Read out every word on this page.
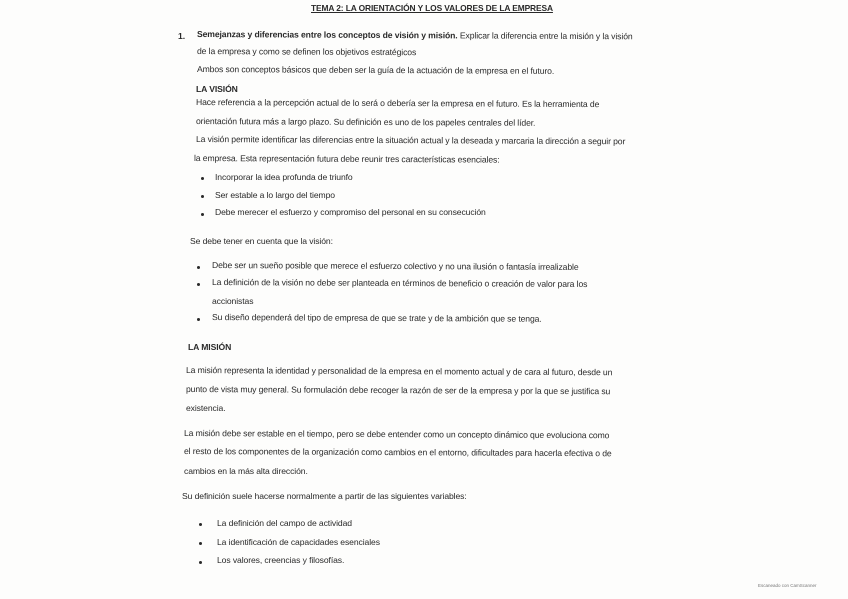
TEMA 2: LA ORIENTACIÓN Y LOS VALORES DE LA EMPRESA
1. Semejanzas y diferencias entre los conceptos de visión y misión. Explicar la diferencia entre la misión y la visión
de la empresa y como se definen los objetivos estratégicos
Ambos son conceptos básicos que deben ser la guía de la actuación de la empresa en el futuro.
LA VISIÓN
Hace referencia a la percepción actual de lo será o debería ser la empresa en el futuro. Es la herramienta de
orientación futura más a largo plazo. Su definición es uno de los papeles centrales del líder.
La visión permite identificar las diferencias entre la situación actual y la deseada y marcaria la dirección a seguir por
la empresa. Esta representación futura debe reunir tres características esenciales:
Incorporar la idea profunda de triunfo
Ser estable a lo largo del tiempo
Debe merecer el esfuerzo y compromiso del personal en su consecución
Se debe tener en cuenta que la visión:
Debe ser un sueño posible que merece el esfuerzo colectivo y no una ilusión o fantasía irrealizable
La definición de la visión no debe ser planteada en términos de beneficio o creación de valor para los
accionistas
Su diseño dependerá del tipo de empresa de que se trate y de la ambición que se tenga.
LA MISIÓN
La misión representa la identidad y personalidad de la empresa en el momento actual y de cara al futuro, desde un
punto de vista muy general. Su formulación debe recoger la razón de ser de la empresa y por la que se justifica su
existencia.
La misión debe ser estable en el tiempo, pero se debe entender como un concepto dinámico que evoluciona como
el resto de los componentes de la organización como cambios en el entorno, dificultades para hacerla efectiva o de
cambios en la más alta dirección.
Su definición suele hacerse normalmente a partir de las siguientes variables:
La definición del campo de actividad
La identificación de capacidades esenciales
Los valores, creencias y filosofías.
Escaneado con CamScanner
